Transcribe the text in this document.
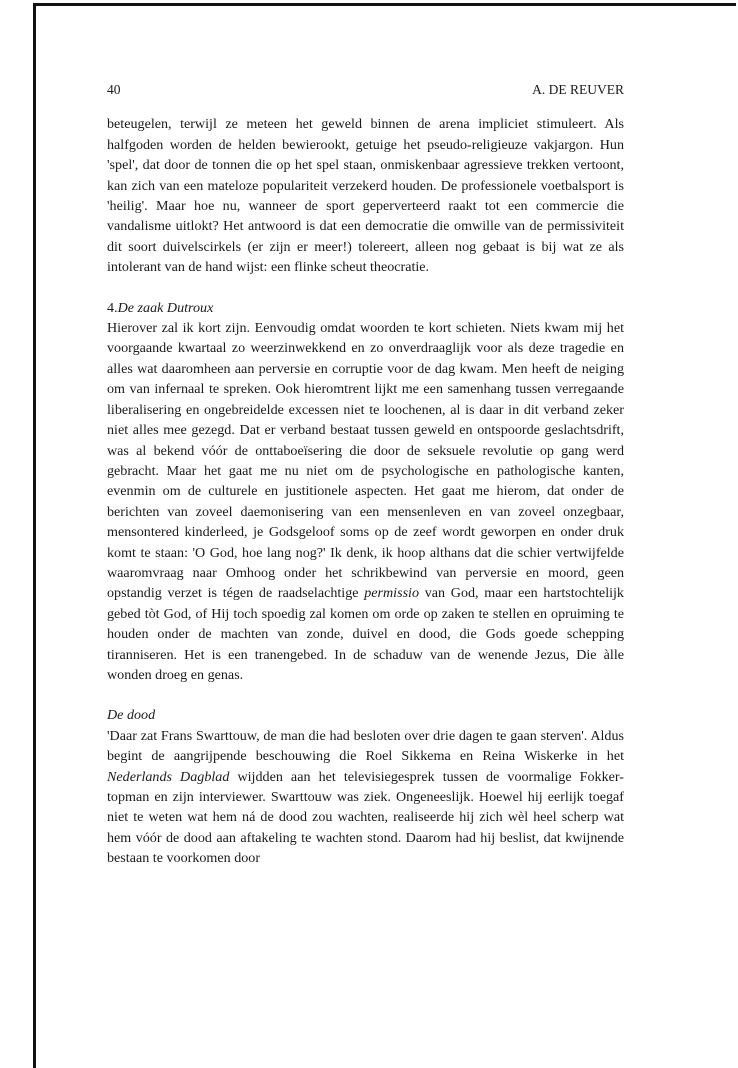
40	A. DE REUVER

beteugelen, terwijl ze meteen het geweld binnen de arena impliciet stimuleert. Als halfgoden worden de helden bewierookt, getuige het pseudo-religieuze vakjargon. Hun 'spel', dat door de tonnen die op het spel staan, onmiskenbaar agressieve trekken vertoont, kan zich van een mateloze populariteit verzekerd houden. De professionele voetbalsport is 'heilig'. Maar hoe nu, wanneer de sport geperverteerd raakt tot een commercie die vandalisme uitlokt? Het antwoord is dat een democratie die omwille van de permissiviteit dit soort duivelscirkels (er zijn er meer!) tolereert, alleen nog gebaat is bij wat ze als intolerant van de hand wijst: een flinke scheut theocratie.

4.De zaak Dutroux

Hierover zal ik kort zijn. Eenvoudig omdat woorden te kort schieten. Niets kwam mij het voorgaande kwartaal zo weerzinwekkend en zo onverdraaglijk voor als deze tragedie en alles wat daaromheen aan perversie en corruptie voor de dag kwam. Men heeft de neiging om van infernaal te spreken. Ook hieromtrent lijkt me een samenhang tussen verregaande liberalisering en ongebreidelde excessen niet te loochenen, al is daar in dit verband zeker niet alles mee gezegd. Dat er verband bestaat tussen geweld en ontspoorde geslachtsdrift, was al bekend vóór de onttaboeïsering die door de seksuele revolutie op gang werd gebracht. Maar het gaat me nu niet om de psychologische en pathologische kanten, evenmin om de culturele en justitionele aspecten. Het gaat me hierom, dat onder de berichten van zoveel daemonisering van een mensenleven en van zoveel onzegbaar, mensontered kinderleed, je Godsgeloof soms op de zeef wordt geworpen en onder druk komt te staan: 'O God, hoe lang nog?' Ik denk, ik hoop althans dat die schier vertwijfelde waaromvraag naar Omhoog onder het schrikbewind van perversie en moord, geen opstandig verzet is tégen de raadselachtige permissio van God, maar een hartstochtelijk gebed tòt God, of Hij toch spoedig zal komen om orde op zaken te stellen en opruiming te houden onder de machten van zonde, duivel en dood, die Gods goede schepping tiranniseren. Het is een tranengebed. In de schaduw van de wenende Jezus, Die àlle wonden droeg en genas.

De dood

'Daar zat Frans Swarttouw, de man die had besloten over drie dagen te gaan sterven'. Aldus begint de aangrijpende beschouwing die Roel Sikkema en Reina Wiskerke in het Nederlands Dagblad wijdden aan het televisiegesprek tussen de voormalige Fokker-topman en zijn interviewer. Swarttouw was ziek. Ongeneeslijk. Hoewel hij eerlijk toegaf niet te weten wat hem ná de dood zou wachten, realiseerde hij zich wèl heel scherp wat hem vóór de dood aan aftakeling te wachten stond. Daarom had hij beslist, dat kwijnende bestaan te voorkomen door
